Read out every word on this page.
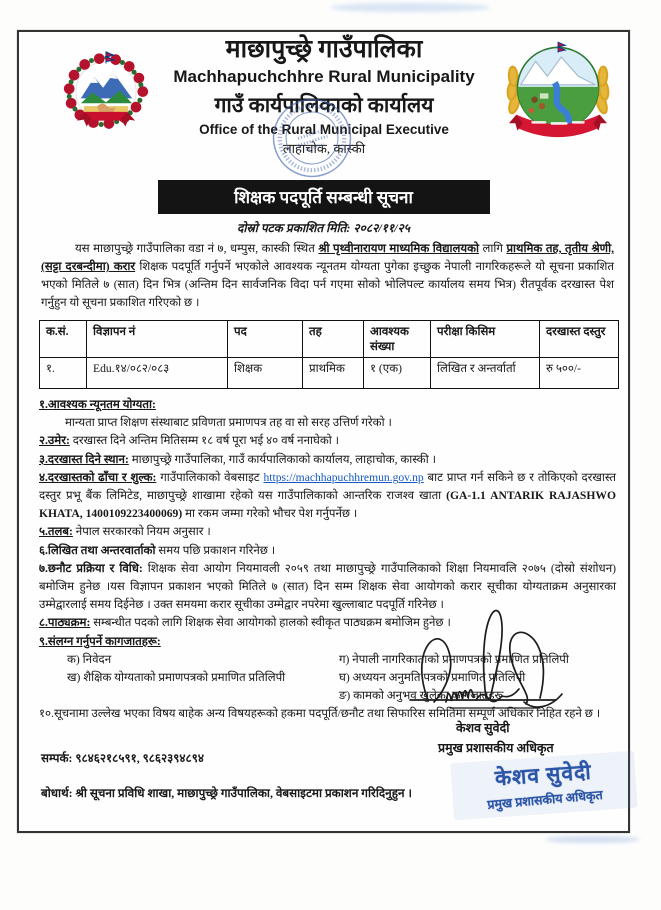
माछापुच्छ्रे गाउँपालिका
Machhapuchchhre Rural Municipality
गाउँ कार्यपालिकाको कार्यालय
Office of the Rural Municipal Executive
लाहाचोक, कास्की
शिक्षक पदपूर्ति सम्बन्धी सूचना
दोस्रो पटक प्रकाशित मिति: २०८२/११/२५

यस माछापुच्छ्रे गाउँपालिका वडा नं ७, धम्पुस, कास्की स्थित श्री पृथ्वीनारायण माध्यमिक विद्यालयको लागि प्राथमिक तह, तृतीय श्रेणी, (सट्टा दरबन्दीमा) करार शिक्षक पदपूर्ति गर्नुपर्ने भएकोले आवश्यक न्यूनतम योग्यता पुगेका इच्छुक नेपाली नागरिकहरूले यो सूचना प्रकाशित भएको मितिले ७ (सात) दिन भित्र (अन्तिम दिन सार्वजनिक विदा पर्न गएमा सोको भोलिपल्ट कार्यालय समय भित्र) रीतपूर्वक दरखास्त पेश गर्नुहुन यो सूचना प्रकाशित गरिएको छ ।

क.सं.	विज्ञापन नं	पद	तह	आवश्यक संख्या	परीक्षा किसिम	दरखास्त दस्तुर
१.	Edu.१४/०८२/०८३	शिक्षक	प्राथमिक	१ (एक)	लिखित र अन्तर्वार्ता	रु ५००/-
१.आवश्यक न्यूनतम योग्यता:
मान्यता प्राप्त शिक्षण संस्थाबाट प्रविणता प्रमाणपत्र तह वा सो सरह उत्तिर्ण गरेको ।
२.उमेर: दरखास्त दिने अन्तिम मितिसम्म १८ वर्ष पूरा भई ४० वर्ष ननाघेको ।
३.दरखास्त दिने स्थान: माछापुच्छ्रे गाउँपालिका, गाउँ कार्यपालिकाको कार्यालय, लाहाचोक, कास्की ।
४.दरखास्तको ढाँचा र शुल्क: गाउँपालिकाको वेबसाइट https://machhapuchhremun.gov.np बाट प्राप्त गर्न सकिने छ र तोकिएको दरखास्त दस्तुर प्रभू बैंक लिमिटेड, माछापुच्छ्रे शाखामा रहेको यस गाउँपालिकाको आन्तरिक राजश्व खाता (GA-1.1 ANTARIK RAJASHWO KHATA, 1400109223400069) मा रकम जम्मा गरेको भौचर पेश गर्नुपर्नेछ ।
५.तलब: नेपाल सरकारको नियम अनुसार ।
६.लिखित तथा अन्तरवार्ताको समय पछि प्रकाशन गरिनेछ ।
७.छनौट प्रक्रिया र विधि: शिक्षक सेवा आयोग नियमावली २०५९ तथा माछापुच्छ्रे गाउँपालिकाको शिक्षा नियमावलि २०७५ (दोस्रो संशोधन) बमोजिम हुनेछ ।यस विज्ञापन प्रकाशन भएको मितिले ७ (सात) दिन सम्म शिक्षक सेवा आयोगको करार सूचीका योग्यताक्रम अनुसारका उम्मेद्वारलाई समय दिईनेछ । उक्त समयमा करार सूचीका उम्मेद्वार नपरेमा खुल्लाबाट पदपूर्ति गरिनेछ ।
८.पाठ्यक्रम: सम्बन्धीत पदको लागि शिक्षक सेवा आयोगको हालको स्वीकृत पाठ्यक्रम बमोजिम हुनेछ ।
९.संलग्न गर्नुपर्ने कागजातहरू:
क) निवेदन
ख) शैक्षिक योग्यताको प्रमाणपत्रको प्रमाणित प्रतिलिपी
ग) नेपाली नागरिकाताको प्रमाणपत्रको प्रमाणित प्रतिलिपी
घ) अध्ययन अनुमति पत्रको प्रमाणित प्रतिलिपी
ङ) कामको अनुभव खुलेका कागजातहरू
१०.सूचनामा उल्लेख भएका विषय बाहेक अन्य विषयहरूको हकमा पदपूर्ति/छनौट तथा सिफारिस समितिमा सम्पूर्ण अधिकार निहित रहने छ ।
सम्पर्क: ९८४६२१८५९१, ९८६२३९४८९४
बोधार्थ: श्री सूचना प्रविधि शाखा, माछापुच्छ्रे गाउँपालिका, वेबसाइटमा प्रकाशन गरिदिनुहुन ।
केशव सुवेदी
प्रमुख प्रशासकीय अधिकृत
केशव सुवेदी
प्रमुख प्रशासकीय अधिकृत
